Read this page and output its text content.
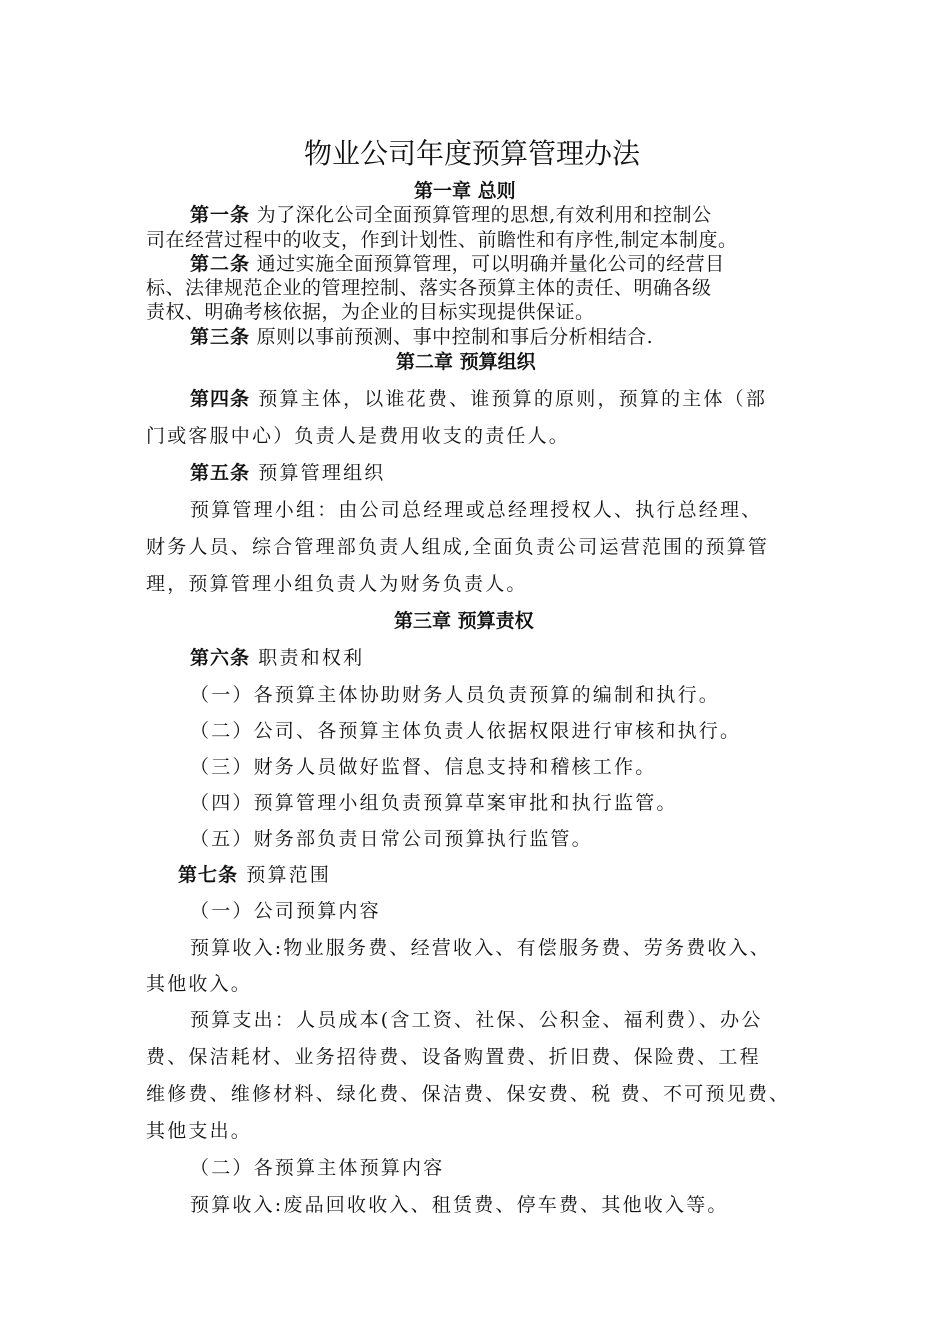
物业公司年度预算管理办法

第一章 总则

第一条 为了深化公司全面预算管理的思想,有效利用和控制公

司在经营过程中的收支，作到计划性、前瞻性和有序性,制定本制度。

第二条 通过实施全面预算管理，可以明确并量化公司的经营目

标、法律规范企业的管理控制、落实各预算主体的责任、明确各级

责权、明确考核依据，为企业的目标实现提供保证。

第三条 原则以事前预测、事中控制和事后分析相结合.

第二章 预算组织

第四条 预算主体，以谁花费、谁预算的原则，预算的主体（部

门或客服中心）负责人是费用收支的责任人。

第五条 预算管理组织

预算管理小组：由公司总经理或总经理授权人、执行总经理、

财务人员、综合管理部负责人组成,全面负责公司运营范围的预算管

理，预算管理小组负责人为财务负责人。

第三章 预算责权

第六条 职责和权利

（一）各预算主体协助财务人员负责预算的编制和执行。

（二）公司、各预算主体负责人依据权限进行审核和执行。

（三）财务人员做好监督、信息支持和稽核工作。

（四）预算管理小组负责预算草案审批和执行监管。

（五）财务部负责日常公司预算执行监管。

第七条 预算范围

（一）公司预算内容

预算收入:物业服务费、经营收入、有偿服务费、劳务费收入、

其他收入。

预算支出：人员成本(含工资、社保、公积金、福利费）、办公

费、保洁耗材、业务招待费、设备购置费、折旧费、保险费、工程

维修费、维修材料、绿化费、保洁费、保安费、税 费、不可预见费、

其他支出。

（二）各预算主体预算内容

预算收入:废品回收收入、租赁费、停车费、其他收入等。
